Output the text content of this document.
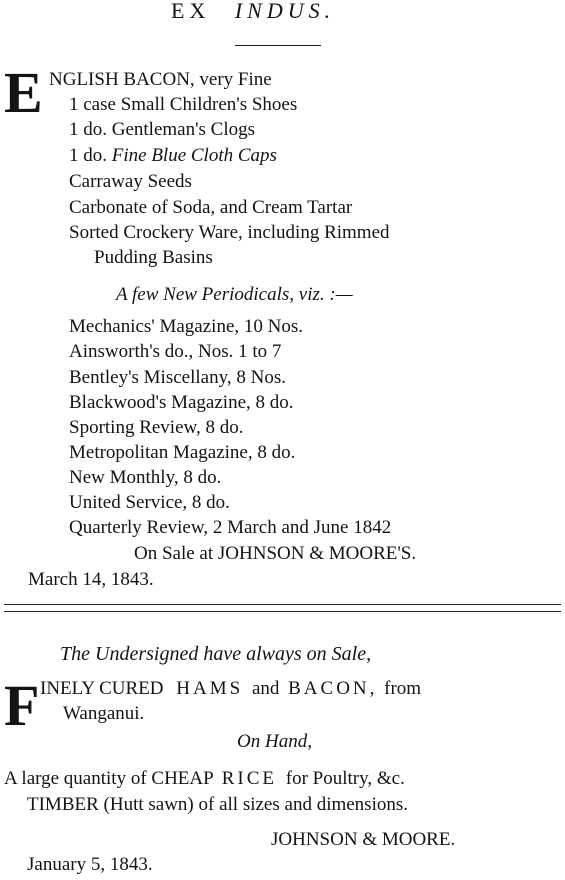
EX INDUS.
E NGLISH BACON, very Fine
1 case Small Children's Shoes
1 do. Gentleman's Clogs
1 do. Fine Blue Cloth Caps
Carraway Seeds
Carbonate of Soda, and Cream Tartar
Sorted Crockery Ware, including Rimmed
Pudding Basins
A few New Periodicals, viz. :—
Mechanics' Magazine, 10 Nos.
Ainsworth's do., Nos. 1 to 7
Bentley's Miscellany, 8 Nos.
Blackwood's Magazine, 8 do.
Sporting Review, 8 do.
Metropolitan Magazine, 8 do.
New Monthly, 8 do.
United Service, 8 do.
Quarterly Review, 2 March and June 1842
On Sale at JOHNSON & MOORE'S.
March 14, 1843.
The Undersigned have always on Sale,
F INELY CURED HAMS and BACON, from
Wanganui.
On Hand,
A large quantity of CHEAP RICE for Poultry, &c.
TIMBER (Hutt sawn) of all sizes and dimensions.
JOHNSON & MOORE.
January 5, 1843.
